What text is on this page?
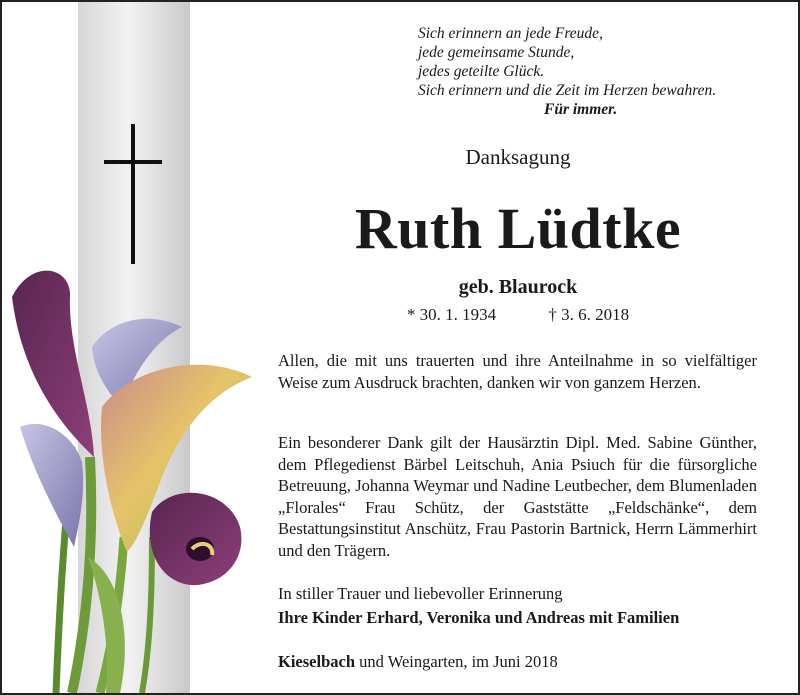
Sich erinnern an jede Freude,
jede gemeinsame Stunde,
jedes geteilte Glück.
Sich erinnern und die Zeit im Herzen bewahren.
Für immer.
Danksagung
Ruth Lüdtke
geb. Blaurock
* 30. 1. 1934	† 3. 6. 2018
Allen, die mit uns trauerten und ihre Anteilnahme in so vielfältiger Weise zum Ausdruck brachten, danken wir von ganzem Herzen.
Ein besonderer Dank gilt der Hausärztin Dipl. Med. Sabine Günther, dem Pflegedienst Bärbel Leitschuh, Ania Psiuch für die fürsorgliche Betreuung, Johanna Weymar und Nadine Leutbecher, dem Blumenladen „Florales“ Frau Schütz, der Gaststätte „Feldschänke“, dem Bestattungsinstitut Anschütz, Frau Pastorin Bartnick, Herrn Lämmerhirt und den Trägern.
In stiller Trauer und liebevoller Erinnerung
Ihre Kinder Erhard, Veronika und Andreas mit Familien
Kieselbach und Weingarten, im Juni 2018
